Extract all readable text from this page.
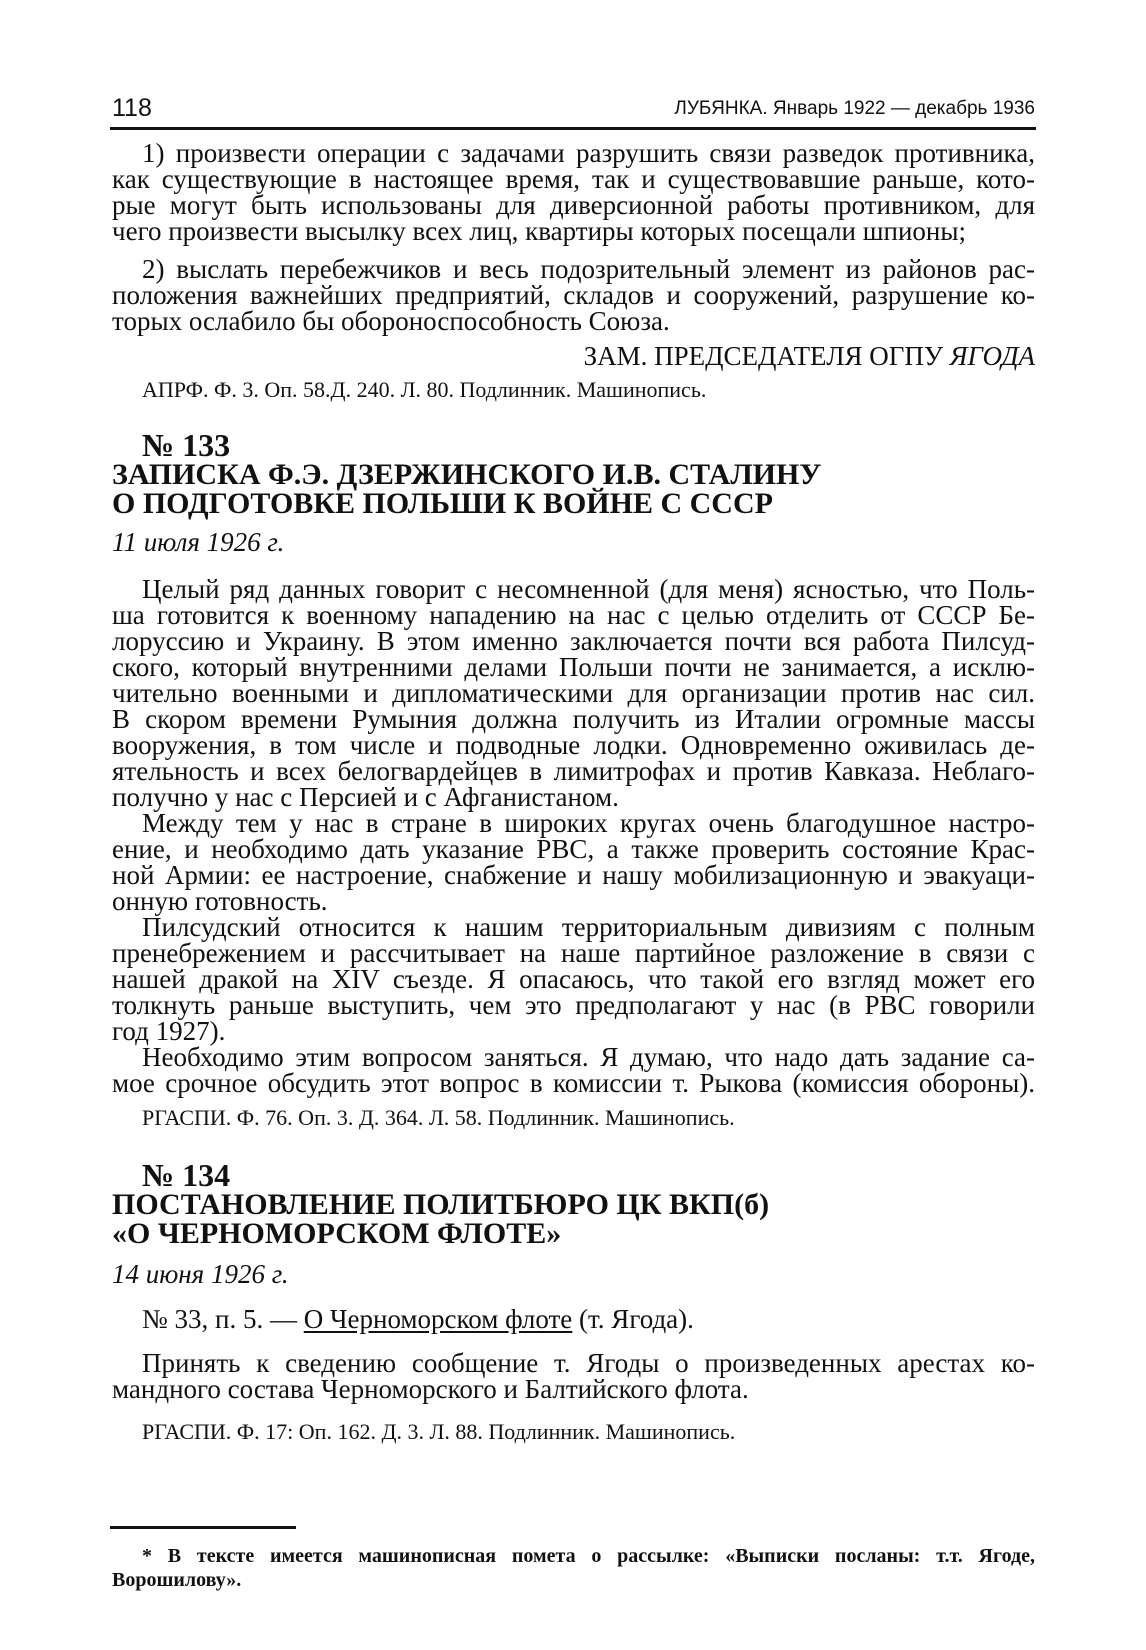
118	ЛУБЯНКА. Январь 1922 — декабрь 1936
1) произвести операции с задачами разрушить связи разведок противника,
как существующие в настоящее время, так и существовавшие раньше, кото-
рые могут быть использованы для диверсионной работы противником, для
чего произвести высылку всех лиц, квартиры которых посещали шпионы;
2) выслать перебежчиков и весь подозрительный элемент из районов рас-
положения важнейших предприятий, складов и сооружений, разрушение ко-
торых ослабило бы обороноспособность Союза.
ЗАМ. ПРЕДСЕДАТЕЛЯ ОГПУ ЯГОДА
АПРФ. Ф. 3. Оп. 58.Д. 240. Л. 80. Подлинник. Машинопись.
№ 133
ЗАПИСКА Ф.Э. ДЗЕРЖИНСКОГО И.В. СТАЛИНУ
О ПОДГОТОВКЕ ПОЛЬШИ К ВОЙНЕ С СССР
11 июля 1926 г.
Целый ряд данных говорит с несомненной (для меня) ясностью, что Поль-
ша готовится к военному нападению на нас с целью отделить от СССР Бе-
лоруссию и Украину. В этом именно заключается почти вся работа Пилсуд-
ского, который внутренними делами Польши почти не занимается, а исклю-
чительно военными и дипломатическими для организации против нас сил.
В скором времени Румыния должна получить из Италии огромные массы
вооружения, в том числе и подводные лодки. Одновременно оживилась де-
ятельность и всех белогвардейцев в лимитрофах и против Кавказа. Неблаго-
получно у нас с Персией и с Афганистаном.
Между тем у нас в стране в широких кругах очень благодушное настро-
ение, и необходимо дать указание РВС, а также проверить состояние Крас-
ной Армии: ее настроение, снабжение и нашу мобилизационную и эвакуаци-
онную готовность.
Пилсудский относится к нашим территориальным дивизиям с полным
пренебрежением и рассчитывает на наше партийное разложение в связи с
нашей дракой на XIV съезде. Я опасаюсь, что такой его взгляд может его
толкнуть раньше выступить, чем это предполагают у нас (в РВС говорили
год 1927).
Необходимо этим вопросом заняться. Я думаю, что надо дать задание са-
мое срочное обсудить этот вопрос в комиссии т. Рыкова (комиссия обороны).
РГАСПИ. Ф. 76. Оп. 3. Д. 364. Л. 58. Подлинник. Машинопись.
№ 134
ПОСТАНОВЛЕНИЕ ПОЛИТБЮРО ЦК ВКП(б)
«О ЧЕРНОМОРСКОМ ФЛОТЕ»
14 июня 1926 г.
№ 33, п. 5. — О Черноморском флоте (т. Ягода).
Принять к сведению сообщение т. Ягоды о произведенных арестах ко-
мандного состава Черноморского и Балтийского флота.
РГАСПИ. Ф. 17: Оп. 162. Д. 3. Л. 88. Подлинник. Машинопись.
* В тексте имеется машинописная помета о рассылке: «Выписки посланы: т.т. Ягоде,
Ворошилову».
